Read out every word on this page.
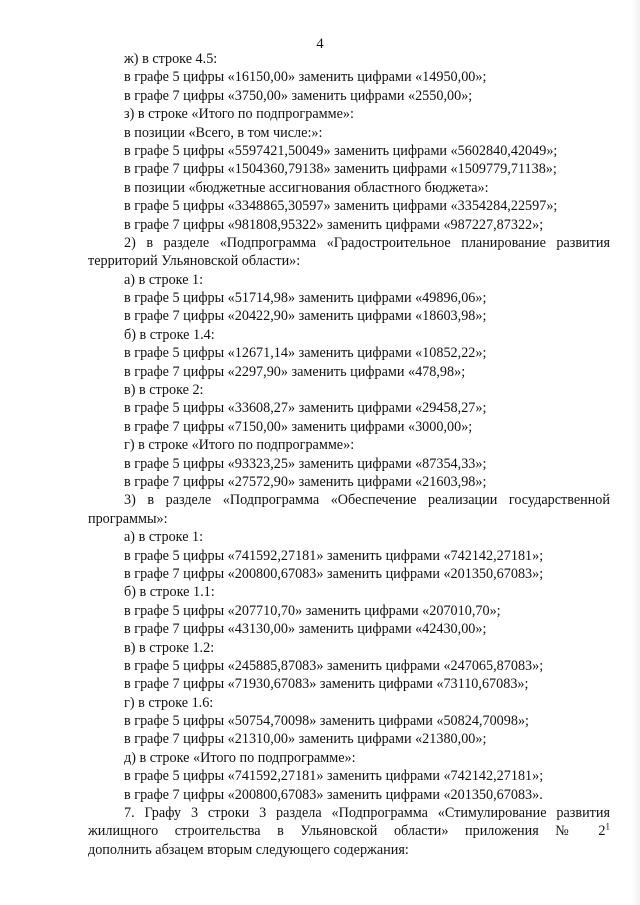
4
ж) в строке 4.5:
в графе 5 цифры «16150,00» заменить цифрами «14950,00»;
в графе 7 цифры «3750,00» заменить цифрами «2550,00»;
з) в строке «Итого по подпрограмме»:
в позиции «Всего, в том числе:»:
в графе 5 цифры «5597421,50049» заменить цифрами «5602840,42049»;
в графе 7 цифры «1504360,79138» заменить цифрами «1509779,71138»;
в позиции «бюджетные ассигнования областного бюджета»:
в графе 5 цифры «3348865,30597» заменить цифрами «3354284,22597»;
в графе 7 цифры «981808,95322» заменить цифрами «987227,87322»;
2) в разделе «Подпрограмма «Градостроительное планирование развития
территорий Ульяновской области»:
а) в строке 1:
в графе 5 цифры «51714,98» заменить цифрами «49896,06»;
в графе 7 цифры «20422,90» заменить цифрами «18603,98»;
б) в строке 1.4:
в графе 5 цифры «12671,14» заменить цифрами «10852,22»;
в графе 7 цифры «2297,90» заменить цифрами «478,98»;
в) в строке 2:
в графе 5 цифры «33608,27» заменить цифрами «29458,27»;
в графе 7 цифры «7150,00» заменить цифрами «3000,00»;
г) в строке «Итого по подпрограмме»:
в графе 5 цифры «93323,25» заменить цифрами «87354,33»;
в графе 7 цифры «27572,90» заменить цифрами «21603,98»;
3) в разделе «Подпрограмма «Обеспечение реализации государственной
программы»:
а) в строке 1:
в графе 5 цифры «741592,27181» заменить цифрами «742142,27181»;
в графе 7 цифры «200800,67083» заменить цифрами «201350,67083»;
б) в строке 1.1:
в графе 5 цифры «207710,70» заменить цифрами «207010,70»;
в графе 7 цифры «43130,00» заменить цифрами «42430,00»;
в) в строке 1.2:
в графе 5 цифры «245885,87083» заменить цифрами «247065,87083»;
в графе 7 цифры «71930,67083» заменить цифрами «73110,67083»;
г) в строке 1.6:
в графе 5 цифры «50754,70098» заменить цифрами «50824,70098»;
в графе 7 цифры «21310,00» заменить цифрами «21380,00»;
д) в строке «Итого по подпрограмме»:
в графе 5 цифры «741592,27181» заменить цифрами «742142,27181»;
в графе 7 цифры «200800,67083» заменить цифрами «201350,67083».
7. Графу 3 строки 3 раздела «Подпрограмма «Стимулирование развития
жилищного строительства в Ульяновской области» приложения № $2^1$
дополнить абзацем вторым следующего содержания:
